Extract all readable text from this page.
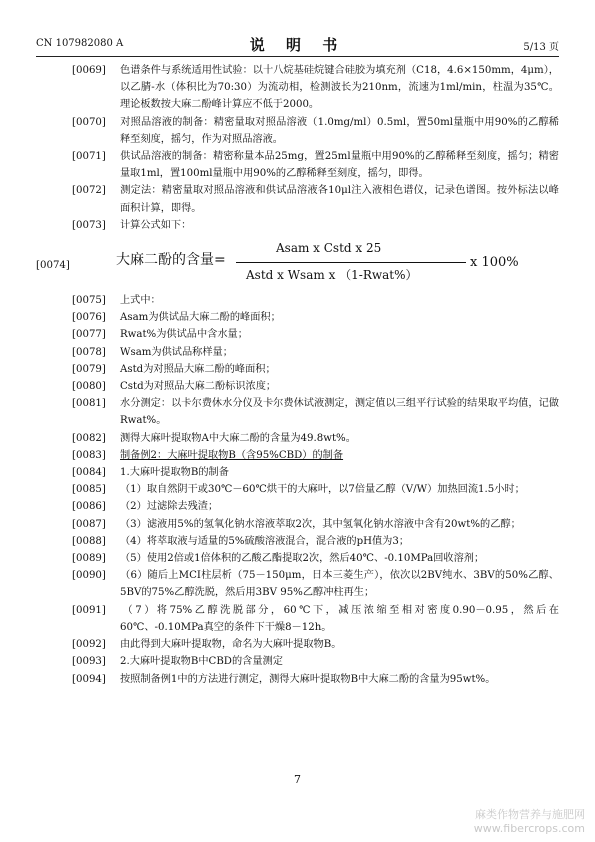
CN 107982080 A	说 明 书	5/13 页
[0069] 色谱条件与系统适用性试验：以十八烷基硅烷键合硅胶为填充剂（C18，4.6×150mm，4μm），以乙腈-水（体积比为70:30）为流动相，检测波长为210nm，流速为1ml/min，柱温为35℃。理论板数按大麻二酚峰计算应不低于2000。
[0070] 对照品溶液的制备：精密量取对照品溶液（1.0mg/ml）0.5ml，置50ml量瓶中用90%的乙醇稀释至刻度，摇匀，作为对照品溶液。
[0071] 供试品溶液的制备：精密称量本品25mg，置25ml量瓶中用90%的乙醇稀释至刻度，摇匀；精密量取1ml，置100ml量瓶中用90%的乙醇稀释至刻度，摇匀，即得。
[0072] 测定法：精密量取对照品溶液和供试品溶液各10μl注入液相色谱仪，记录色谱图。按外标法以峰面积计算，即得。
[0073] 计算公式如下：
[0074]	大麻二酚的含量=
Asam x Cstd x 25
Astd x Wsam x （1-Rwat%）
x 100%
[0075] 上式中：
[0076] Asam为供试品大麻二酚的峰面积；
[0077] Rwat%为供试品中含水量；
[0078] Wsam为供试品称样量；
[0079] Astd为对照品大麻二酚的峰面积；
[0080] Cstd为对照品大麻二酚标识浓度；
[0081] 水分测定：以卡尔费休水分仪及卡尔费休试液测定，测定值以三组平行试验的结果取平均值，记做Rwat%。
[0082] 测得大麻叶提取物A中大麻二酚的含量为49.8wt%。
[0083] 制备例2：大麻叶提取物B（含95%CBD）的制备
[0084] 1.大麻叶提取物B的制备
[0085] （1）取自然阴干或30℃－60℃烘干的大麻叶，以7倍量乙醇（V/W）加热回流1.5小时；
[0086] （2）过滤除去残渣；
[0087] （3）滤液用5%的氢氧化钠水溶液萃取2次，其中氢氧化钠水溶液中含有20wt%的乙醇；
[0088] （4）将萃取液与适量的5%硫酸溶液混合，混合液的pH值为3；
[0089] （5）使用2倍或1倍体积的乙酸乙酯提取2次，然后40℃、-0.10MPa回收溶剂；
[0090] （6）随后上MCI柱层析（75－150μm，日本三菱生产），依次以2BV纯水、3BV的50%乙醇、5BV的75%乙醇洗脱，然后用3BV 95%乙醇冲柱再生；
[0091] （7）将75%乙醇洗脱部分，60℃下，减压浓缩至相对密度0.90－0.95，然后在60℃、-0.10MPa真空的条件下干燥8－12h。
[0092] 由此得到大麻叶提取物，命名为大麻叶提取物B。
[0093] 2.大麻叶提取物B中CBD的含量测定
[0094] 按照制备例1中的方法进行测定，测得大麻叶提取物B中大麻二酚的含量为95wt%。
7
麻类作物营养与施肥网
www.fibercrops.com
